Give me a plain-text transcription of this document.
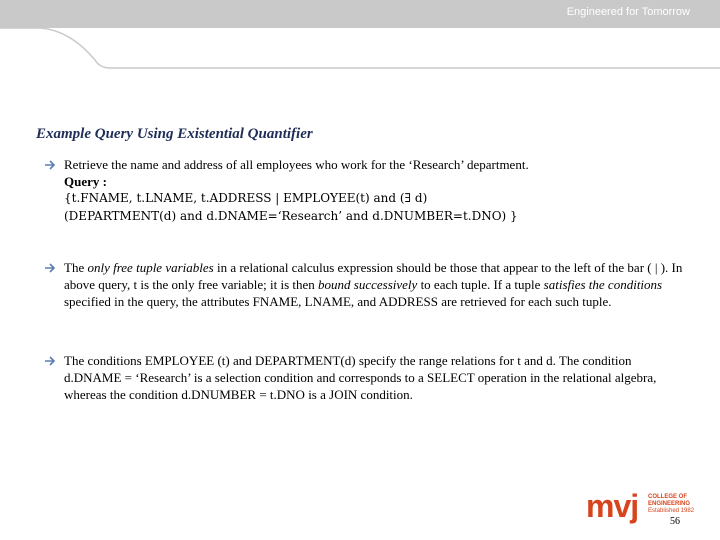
Engineered for Tomorrow
Example Query Using Existential Quantifier
Retrieve the name and address of all employees who work for the ‘Research’ department.
Query :
{t.FNAME, t.LNAME, t.ADDRESS | EMPLOYEE(t) and (∃ d)
(DEPARTMENT(d) and d.DNAME=‘Research’ and d.DNUMBER=t.DNO) }
The only free tuple variables in a relational calculus expression should be those that appear to the left of the bar ( | ). In above query, t is the only free variable; it is then bound successively to each tuple. If a tuple satisfies the conditions specified in the query, the attributes FNAME, LNAME, and ADDRESS are retrieved for each such tuple.
The conditions EMPLOYEE (t) and DEPARTMENT(d) specify the range relations for t and d. The condition d.DNAME = ‘Research’ is a selection condition and corresponds to a SELECT operation in the relational algebra, whereas the condition d.DNUMBER = t.DNO is a JOIN condition.
mvj COLLEGE OF
ENGINEERING
Established 1982
56
